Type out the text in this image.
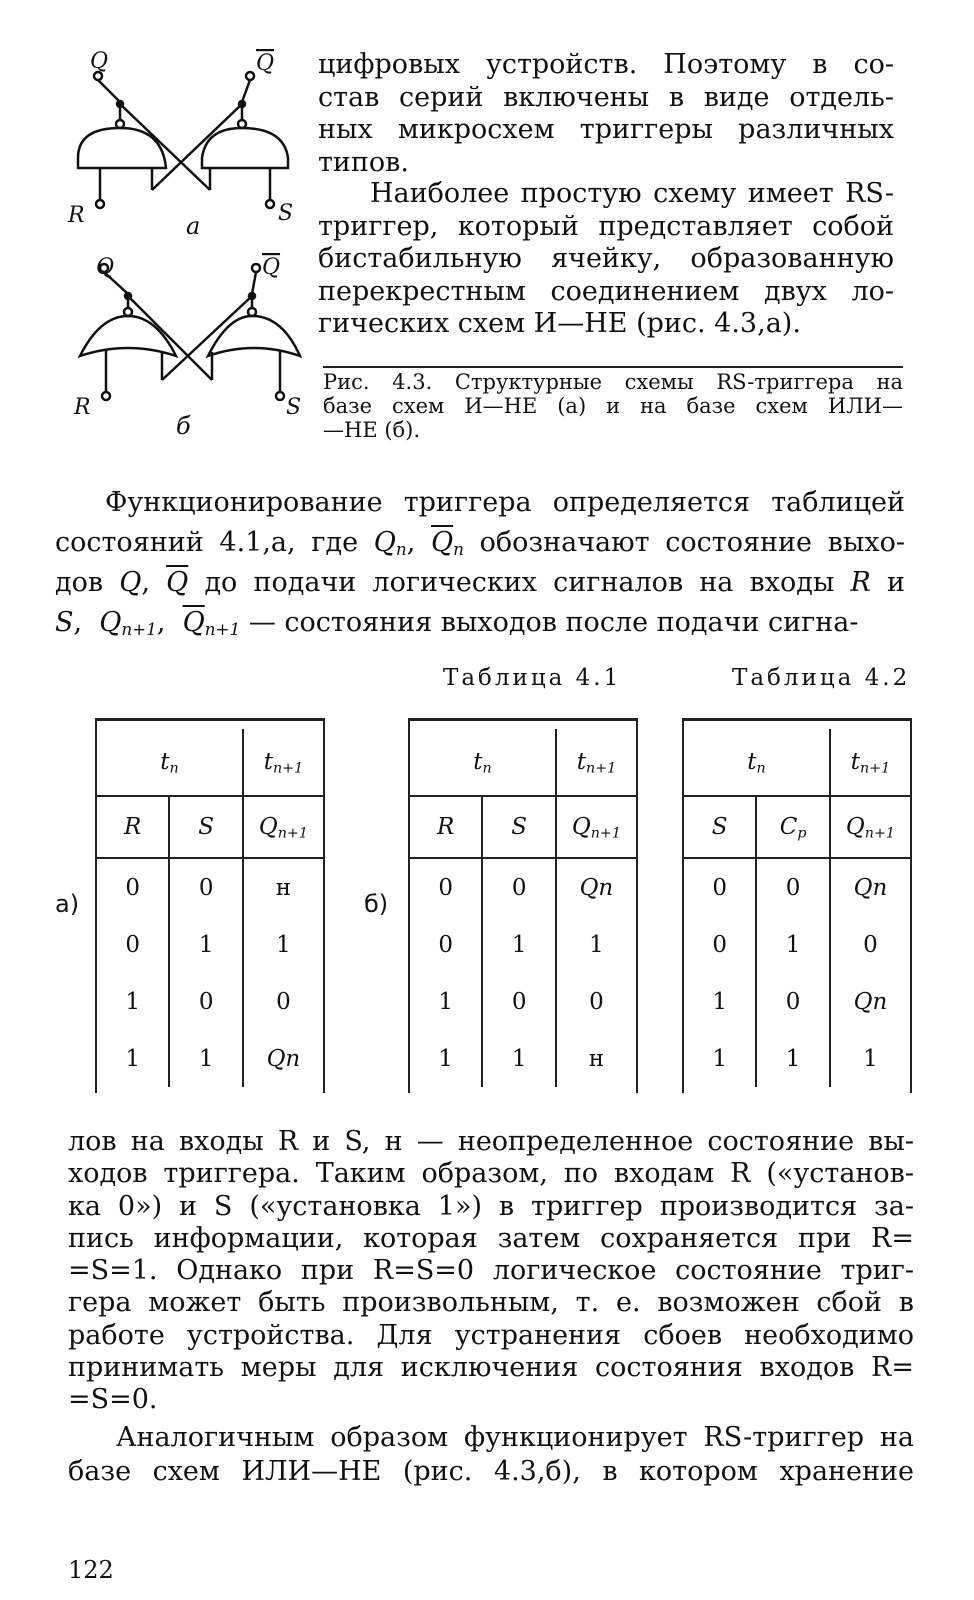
Q	Q
R	S
а
Q	Q
R	S
б
цифровых устройств. Поэтому в со-
став серий включены в виде отдель-
ных микросхем триггеры различных
типов.
Наиболее простую схему имеет RS-
триггер, который представляет собой
бистабильную ячейку, образованную
перекрестным соединением двух ло-
гических схем И—НЕ (рис. 4.3,а).
Рис. 4.3. Структурные схемы RS-триггера на
базе схем И—НЕ (а) и на базе схем ИЛИ—
—НЕ (б).
Функционирование триггера определяется таблицей
состояний 4.1,а, где $Q_n$, $\overline{Q}_n$ обозначают состояние выхо-
дов Q, $\overline{Q}$ до подачи логических сигналов на входы R и
S, $Q_{n+1}$, $\overline{Q}_{n+1}$ — состояния выходов после подачи сигна-
Таблица 4.1	Таблица 4.2
а)	б)
$t_n$		$t_{n+1}$
R	S	$Q_{n+1}$
0	0	н
0	1	1
1	0	0
1	1	Qn
$t_n$		$t_{n+1}$
R	S	$Q_{n+1}$
0	0	Qn
0	1	1
1	0	0
1	1	н
$t_n$		$t_{n+1}$
S	$C_p$	$Q_{n+1}$
0	0	Qn
0	1	0
1	0	Qn
1	1	1
лов на входы R и S, н — неопределенное состояние вы-
ходов триггера. Таким образом, по входам R («установ-
ка 0») и S («установка 1») в триггер производится за-
пись информации, которая затем сохраняется при R=
=S=1. Однако при R=S=0 логическое состояние триг-
гера может быть произвольным, т. е. возможен сбой в
работе устройства. Для устранения сбоев необходимо
принимать меры для исключения состояния входов R=
=S=0.
Аналогичным образом функционирует RS-триггер на
базе схем ИЛИ—НЕ (рис. 4.3,б), в котором хранение
122
